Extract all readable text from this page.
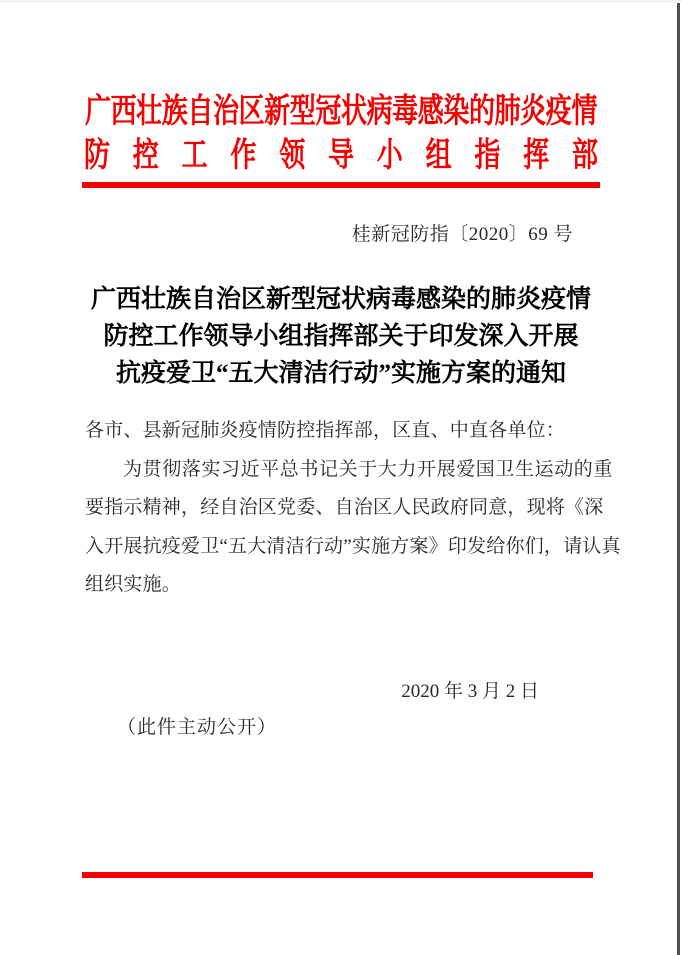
广西壮族自治区新型冠状病毒感染的肺炎疫情
防控工作领导小组指挥部
桂新冠防指〔2020〕69 号
广西壮族自治区新型冠状病毒感染的肺炎疫情
防控工作领导小组指挥部关于印发深入开展
抗疫爱卫“五大清洁行动”实施方案的通知
各市、县新冠肺炎疫情防控指挥部，区直、中直各单位：
为贯彻落实习近平总书记关于大力开展爱国卫生运动的重
要指示精神，经自治区党委、自治区人民政府同意，现将《深
入开展抗疫爱卫“五大清洁行动”实施方案》印发给你们，请认真
组织实施。
2020 年 3 月 2 日
（此件主动公开）
